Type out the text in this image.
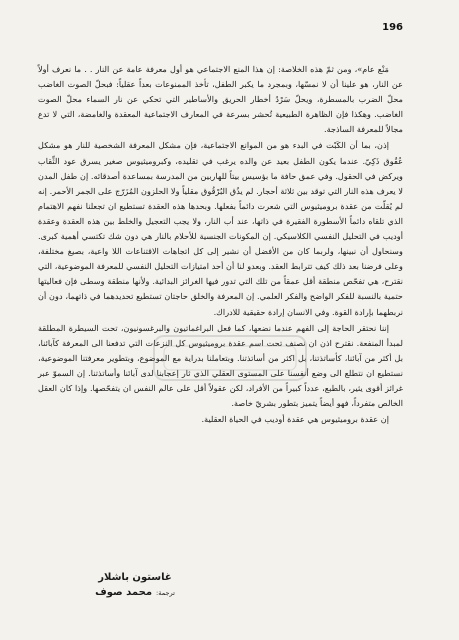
196

مَنْع عام»، ومن ثمّ هذه الخلاصة: إن هذا المنع الاجتماعي هو أول معرفة عامة عن النار . . ما نعرف أولاً عن النار، هو علينا أن لا نمسّها، وبمجرد ما يكبر الطفل، تأخذ الممنوعات بعداً عقلياً: فبحلّ الصوت الغاضب محلّ الضرب بالمسطرة، ويحلّ سَرْدُ أخطار الحريق والأساطير التي تحكي عن نار السماء محلّ الصوت الغاضب. وهكذا فإن الظاهرة الطبيعية تُحشر بسرعة في المعارف الاجتماعية المعقدة والغامضة، التي لا تدع مجالاً للمعرفة الساذجة.

إذن، بما أن الكَبْت في البدء هو من الموانع الاجتماعية، فإن مشكل المعرفة الشخصية للنار هو مشكل عُقُوق ذَكِيّ. عندما يكون الطفل بعيد عن والده يرغب في تقليده، وكبروميثيوس صغير يسرق عود الثِّقاب ويركض في الحقول. وفي عمق حافة ما بؤسيس بيتاً للهاربين من المدرسة بمساعدة أصدقائه. إن طفل المدن لا يعرف هذه النار التي توقد بين ثلاثة أحجار. لم يذُق البُرْقُوق مقلياً ولا الحلزون المُزَرّج على الجمر الأحمر. إنه لم يُقلّت من عقدة بروميثيوس التي شعرت دائماً بفعلها. وبحدها هذه العقدة تستطيع ان تجعلنا نفهم الاهتمام الذي تلقاه دائماً الأسطورة الفقيرة في ذاتها، عند أب النار، ولا يجب التعجيل والخلط بين هذه العقدة وعقدة أوديب في التحليل النفسي الكلاسيكي. إن المكونات الجنسية للأحلام بالنار هي دون شك تكتسي أهمية كبرى. وسنحاول أن نبينها، ولربما كان من الأفضل أن نشير إلى كل اتجاهات الاقتناعات اللا واعية، بصيغ مختلفة، وعلى فرضنا بعد ذلك كيف تترابط العقد. وبعدو لنا أن أحد امتيازات التحليل النفسي للمعرفة الموضوعية، التي نقترح، هي تفحّص منطقة أقل عمقاً من تلك التي تدور فيها الغرائز البدائية. ولأنها منطقة وسطى فإن فعاليتها حتمية بالنسبة للفكر الواضح والفكر العلمي. إن المعرفة والخلق حاجتان تستطيع تحديدهما في ذاتهما، دون أن نربطهما بإرادة القوة. وفي الانسان إرادة حقيقية للادراك.

إننا نحتقر الحاجة إلى الفهم عندما نضعها، كما فعل البراغماتيون والبرغسونيون، تحت السيطرة المطلقة لمبدأ المنفعة. نقترح اذن ان نصنف تحت اسم عقدة بروميثيوس كل النزعات التي تدفعنا الى المعرفة كآبائنا، بل أكثر من آبائنا، كأساتذتنا، بل اكثر من أساتذتنا. وبتعاملنا بدراية مع الموضوع، وبتطوير معرفتنا الموضوعية، نستطيع ان نتطلع الى وضع أنفسنا على المستوى العقلي الذي ثار إعجابنا لدى آبائنا وأساتذتنا. إن السموّ عبر غرائز أقوى يثير، بالطبع، عدداً كبيراً من الأفراد، لكن عقولاً أقل على عالم النفس ان يتفحّصها. وإذا كان العقل الخالص متفرداً، فهو أيضاً يتميز بتطور بشريّ خاصة.

إن عقدة بروميثيوس هي عقدة أوديب في الحياة العقلية.

غاستون باشلار
ترجمة:محمد صوف
